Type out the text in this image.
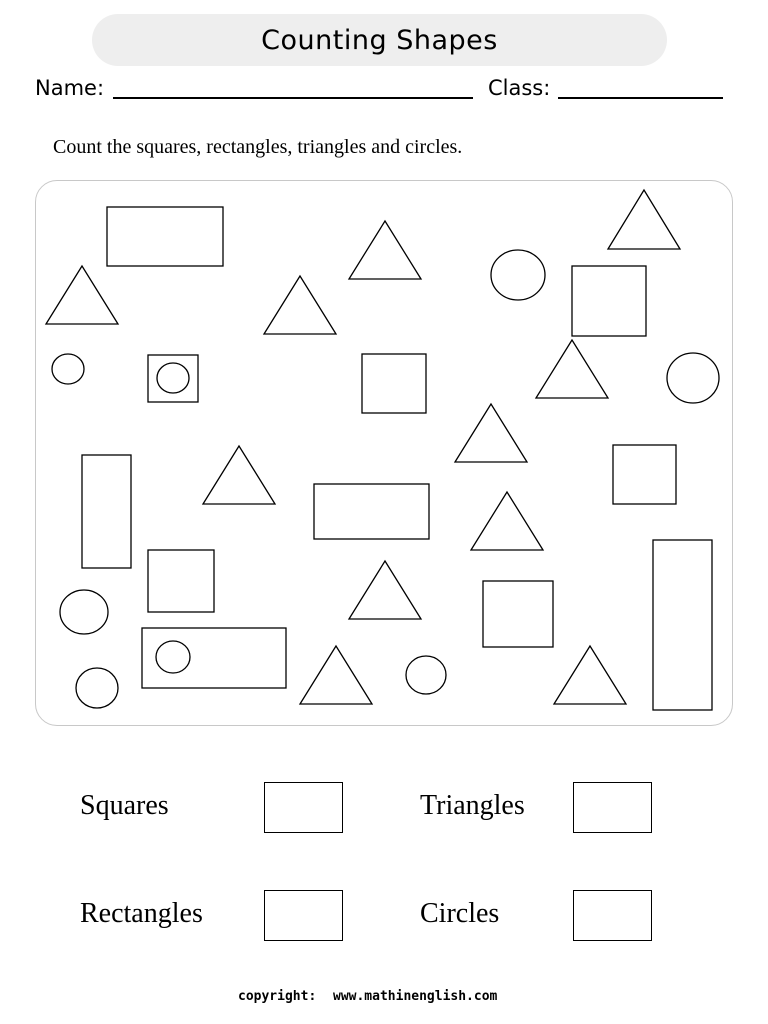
Counting Shapes
Name:	Class:
Count the squares, rectangles, triangles and circles.
Squares	Triangles
Rectangles	Circles
copyright: www.mathinenglish.com
